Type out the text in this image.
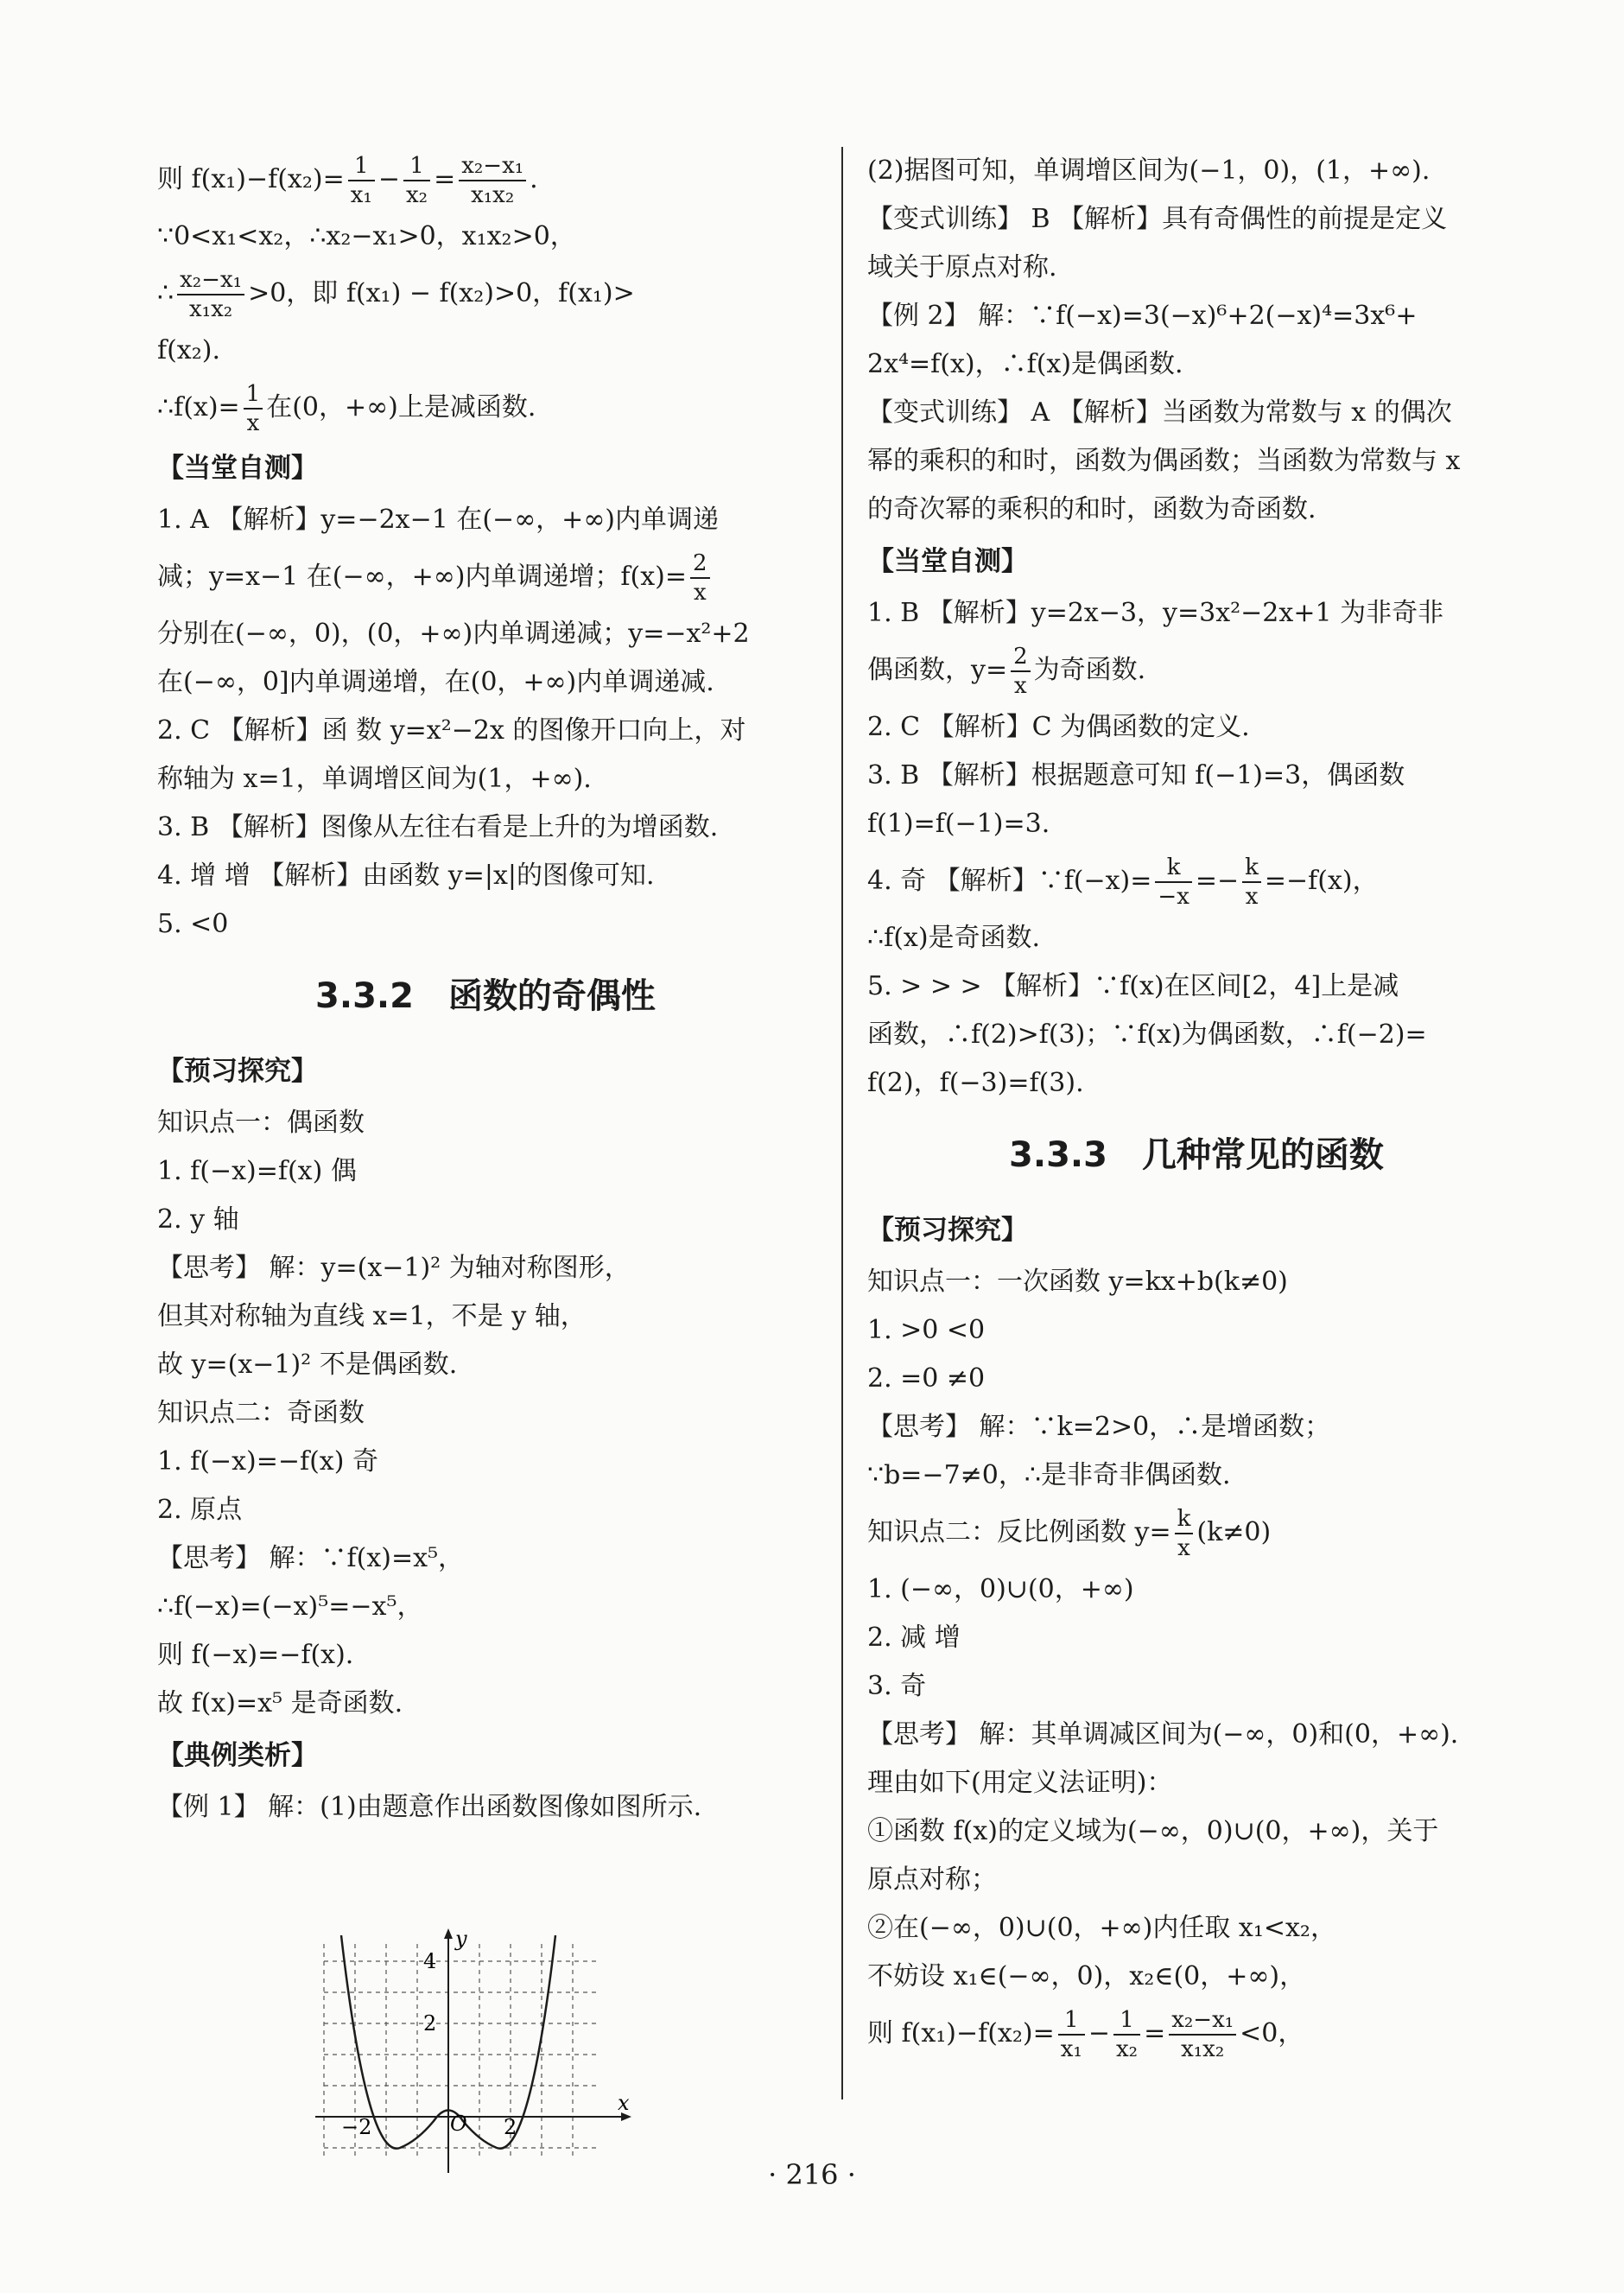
则 $f(x_1)-f(x_2)= \frac{1}{\text{x₁}} - \frac{1}{\text{x₂}} = \frac{\text{x₂−x₁}}{\text{x₁x₂}}$ .
∵0<x₁<x₂，∴x₂−x₁>0，x₁x₂>0，
∴ $\frac{\text{x₂−x₁}}{\text{x₁x₂}} >0$，即 f(x₁) − f(x₂)>0，f(x₁)>
f(x₂).
∴f(x)= $\frac{1}{x}$ 在(0，+∞)上是减函数.
【当堂自测】
1. A 【解析】y=−2x−1 在(−∞，+∞)内单调递
减；y=x−1 在(−∞，+∞)内单调递增；$f(x)= \frac{2}{x}$
分别在(−∞，0)，(0，+∞)内单调递减；y=−x²+2
在(−∞，0]内单调递增，在(0，+∞)内单调递减.
2. C 【解析】函 数 y=x²−2x 的图像开口向上，对
称轴为 x=1，单调增区间为(1，+∞).
3. B 【解析】图像从左往右看是上升的为增函数.
4. 增 增 【解析】由函数 y=|x|的图像可知.
5. <0
3.3.2 函数的奇偶性
【预习探究】
知识点一：偶函数
1. f(−x)=f(x) 偶
2. y 轴
【思考】 解：y=(x−1)² 为轴对称图形，
但其对称轴为直线 x=1，不是 y 轴，
故 y=(x−1)² 不是偶函数.
知识点二：奇函数
1. f(−x)=−f(x) 奇
2. 原点
【思考】 解：∵f(x)=x⁵，
∴f(−x)=(−x)⁵=−x⁵，
则 f(−x)=−f(x).
故 f(x)=x⁵ 是奇函数.
【典例类析】
【例 1】 解：(1)由题意作出函数图像如图所示.
y
x
O
4
2
−2	2
(2)据图可知，单调增区间为(−1，0)，(1，+∞).
【变式训练】 B 【解析】具有奇偶性的前提是定义
域关于原点对称.
【例 2】 解：∵f(−x)=3(−x)⁶+2(−x)⁴=3x⁶+
2x⁴=f(x)，∴f(x)是偶函数.
【变式训练】 A 【解析】当函数为常数与 x 的偶次
幂的乘积的和时，函数为偶函数；当函数为常数与 x
的奇次幂的乘积的和时，函数为奇函数.
【当堂自测】
1. B 【解析】y=2x−3，y=3x²−2x+1 为非奇非
偶函数，$y= \frac{2}{x}$ 为奇函数.
2. C 【解析】C 为偶函数的定义.
3. B 【解析】根据题意可知 f(−1)=3，偶函数
f(1)=f(−1)=3.
4. 奇 【解析】∵f(−x)= $\frac{k}{-x} =- \frac{k}{x} =-f(x)$，
∴f(x)是奇函数.
5. > > > 【解析】∵f(x)在区间[2，4]上是减
函数，∴f(2)>f(3)；∵f(x)为偶函数，∴f(−2)=
f(2)，f(−3)=f(3).
3.3.3 几种常见的函数
【预习探究】
知识点一：一次函数 y=kx+b(k≠0)
1. >0 <0
2. =0 ≠0
【思考】 解：∵k=2>0，∴是增函数；
∵b=−7≠0，∴是非奇非偶函数.
知识点二：反比例函数 $y= \frac{k}{x} (k\ne 0)$
1. (−∞，0)∪(0，+∞)
2. 减 增
3. 奇
【思考】 解：其单调减区间为(−∞，0)和(0，+∞).
理由如下(用定义法证明)：
①函数 f(x)的定义域为(−∞，0)∪(0，+∞)，关于
原点对称；
②在(−∞，0)∪(0，+∞)内任取 x₁<x₂，
不妨设 x₁∈(−∞，0)，x₂∈(0，+∞)，
则 $f(x_1)-f(x_2)= \frac{1}{\text{x₁}} - \frac{1}{\text{x₂}} = \frac{\text{x₂−x₁}}{\text{x₁x₂}} <0$，
· 216 ·
